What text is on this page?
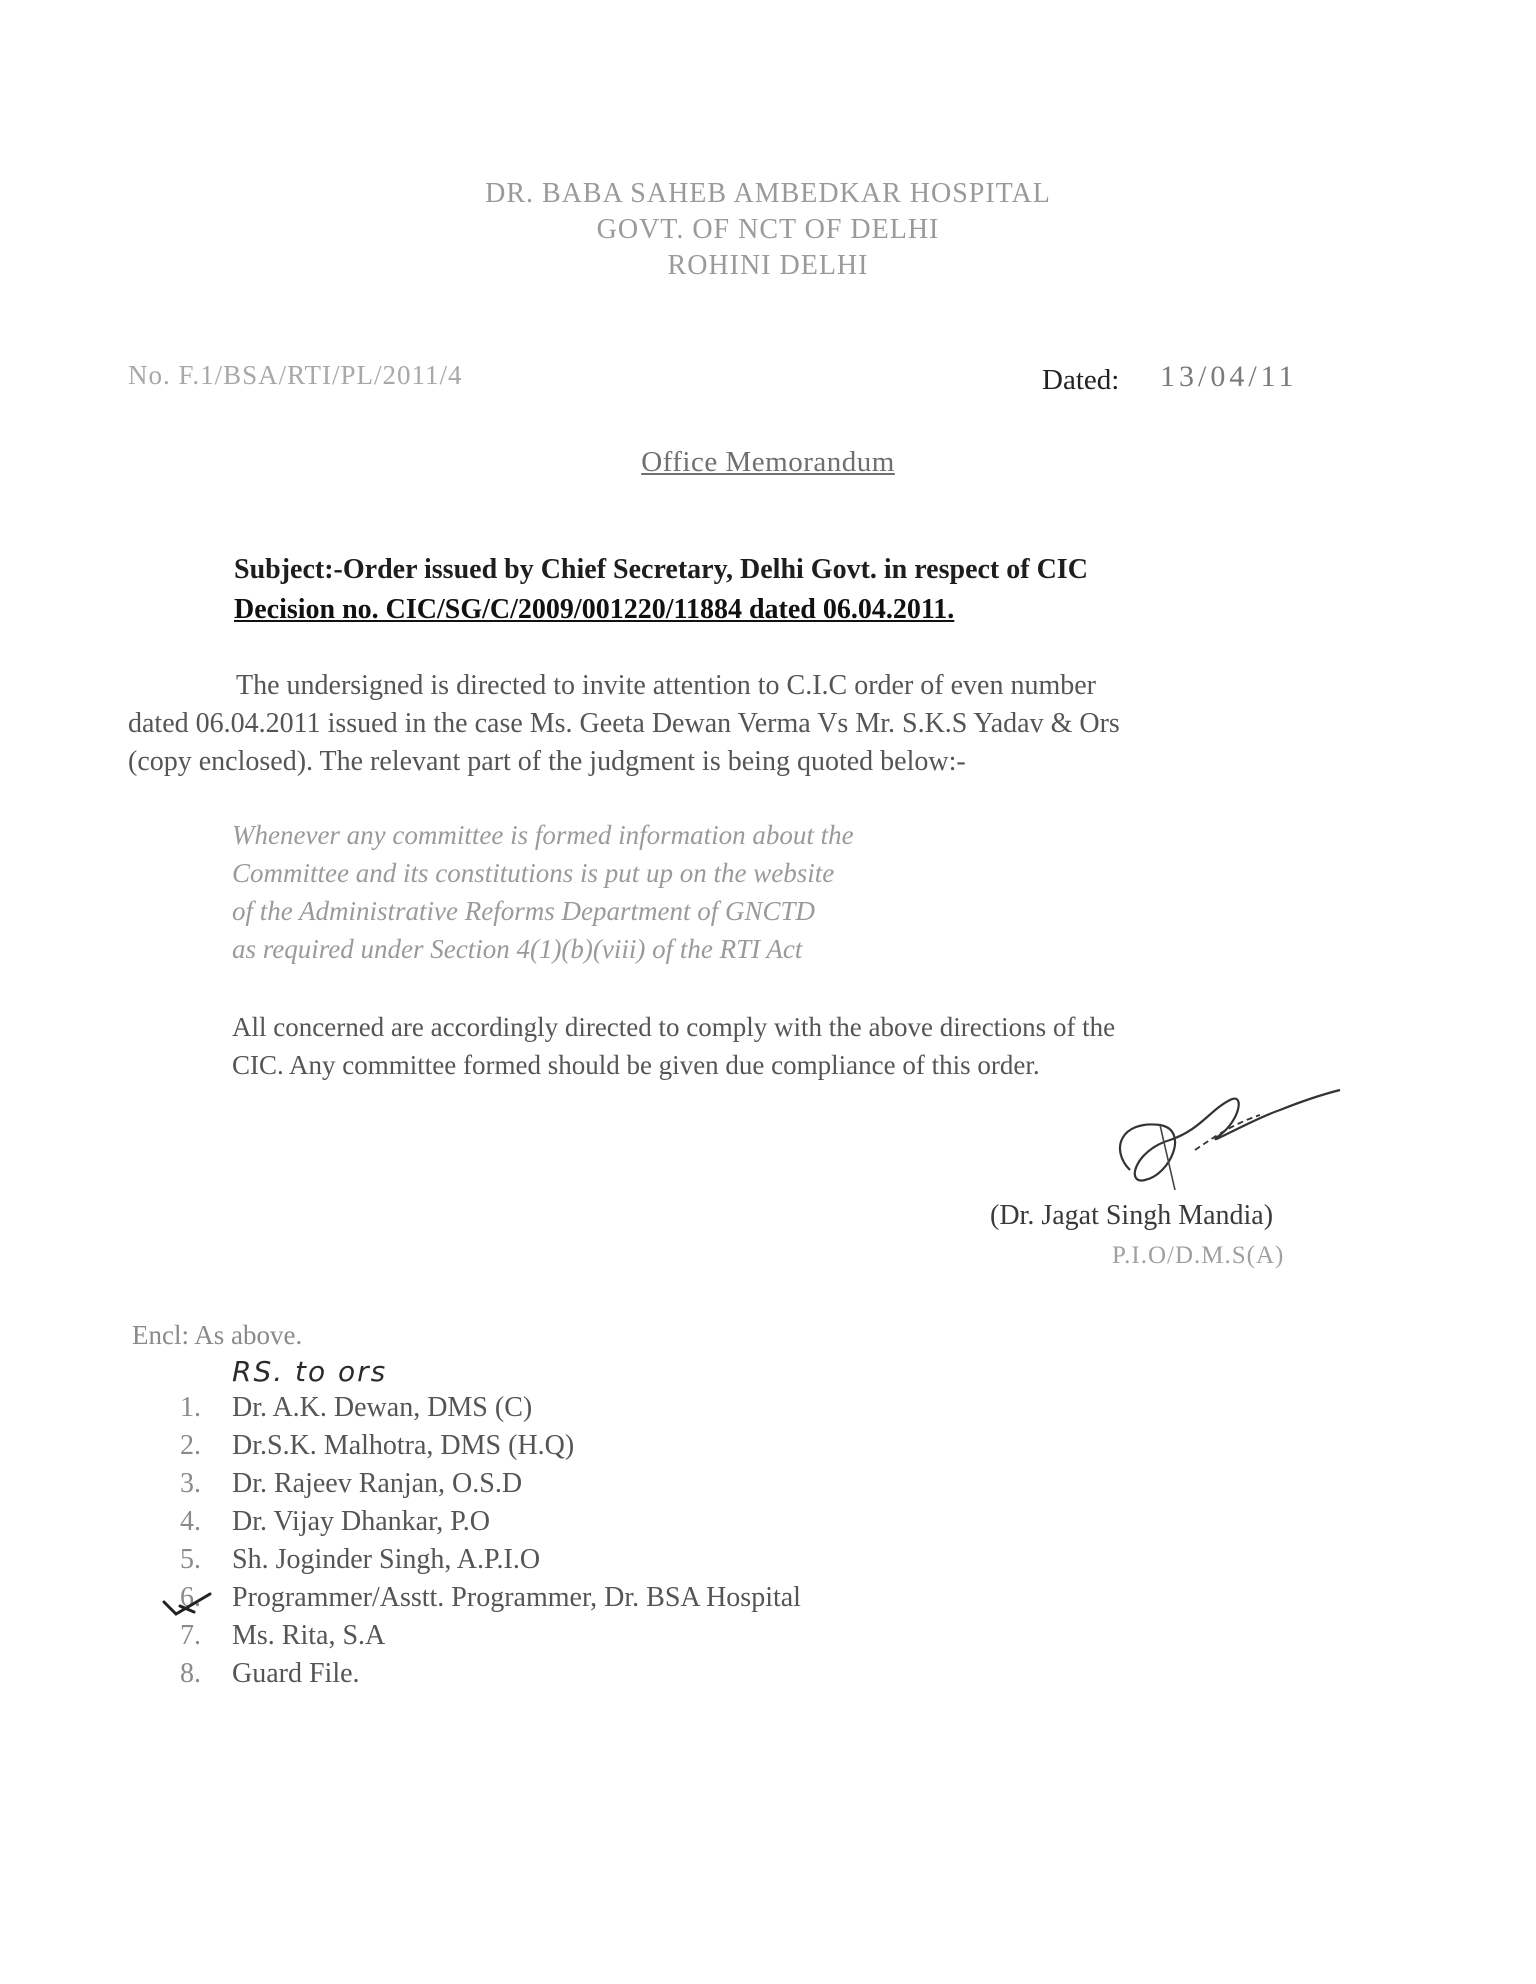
DR. BABA SAHEB AMBEDKAR HOSPITAL
GOVT. OF NCT OF DELHI
ROHINI DELHI
No. F.1/BSA/RTI/PL/2011/4	Dated: 13/04/11
Office Memorandum
Subject:-Order issued by Chief Secretary, Delhi Govt. in respect of CIC
Decision no. CIC/SG/C/2009/001220/11884 dated 06.04.2011.
The undersigned is directed to invite attention to C.I.C order of even number
dated 06.04.2011 issued in the case Ms. Geeta Dewan Verma Vs Mr. S.K.S Yadav & Ors
(copy enclosed). The relevant part of the judgment is being quoted below:-
Whenever any committee is formed information about the
Committee and its constitutions is put up on the website
of the Administrative Reforms Department of GNCTD
as required under Section 4(1)(b)(viii) of the RTI Act
All concerned are accordingly directed to comply with the above directions of the
CIC. Any committee formed should be given due compliance of this order.
(Dr. Jagat Singh Mandia)
P.I.O/D.M.S(A)
Encl: As above.
RS. to ors
1. Dr. A.K. Dewan, DMS (C)
2. Dr.S.K. Malhotra, DMS (H.Q)
3. Dr. Rajeev Ranjan, O.S.D
4. Dr. Vijay Dhankar, P.O
5. Sh. Joginder Singh, A.P.I.O
6. Programmer/Asstt. Programmer, Dr. BSA Hospital
7. Ms. Rita, S.A
8. Guard File.
